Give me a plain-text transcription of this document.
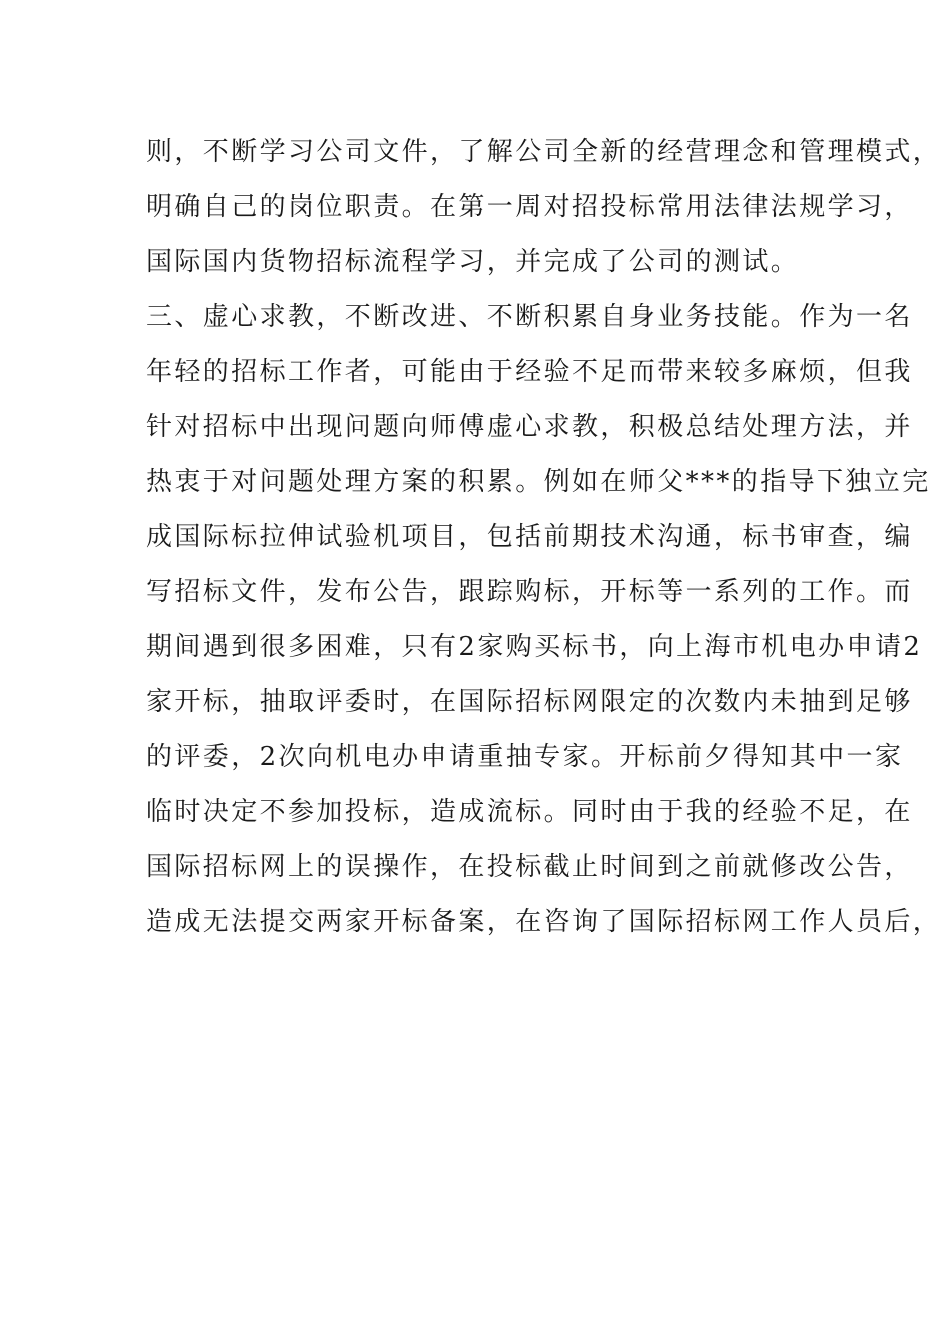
则，不断学习公司文件，了解公司全新的经营理念和管理模式，
明确自己的岗位职责。在第一周对招投标常用法律法规学习，
国际国内货物招标流程学习，并完成了公司的测试。
三、虚心求教，不断改进、不断积累自身业务技能。作为一名
年轻的招标工作者，可能由于经验不足而带来较多麻烦，但我
针对招标中出现问题向师傅虚心求教，积极总结处理方法，并
热衷于对问题处理方案的积累。例如在师父***的指导下独立完
成国际标拉伸试验机项目，包括前期技术沟通，标书审查，编
写招标文件，发布公告，跟踪购标，开标等一系列的工作。而
期间遇到很多困难，只有2家购买标书，向上海市机电办申请2
家开标，抽取评委时，在国际招标网限定的次数内未抽到足够
的评委，2次向机电办申请重抽专家。开标前夕得知其中一家
临时决定不参加投标，造成流标。同时由于我的经验不足，在
国际招标网上的误操作，在投标截止时间到之前就修改公告，
造成无法提交两家开标备案，在咨询了国际招标网工作人员后，
